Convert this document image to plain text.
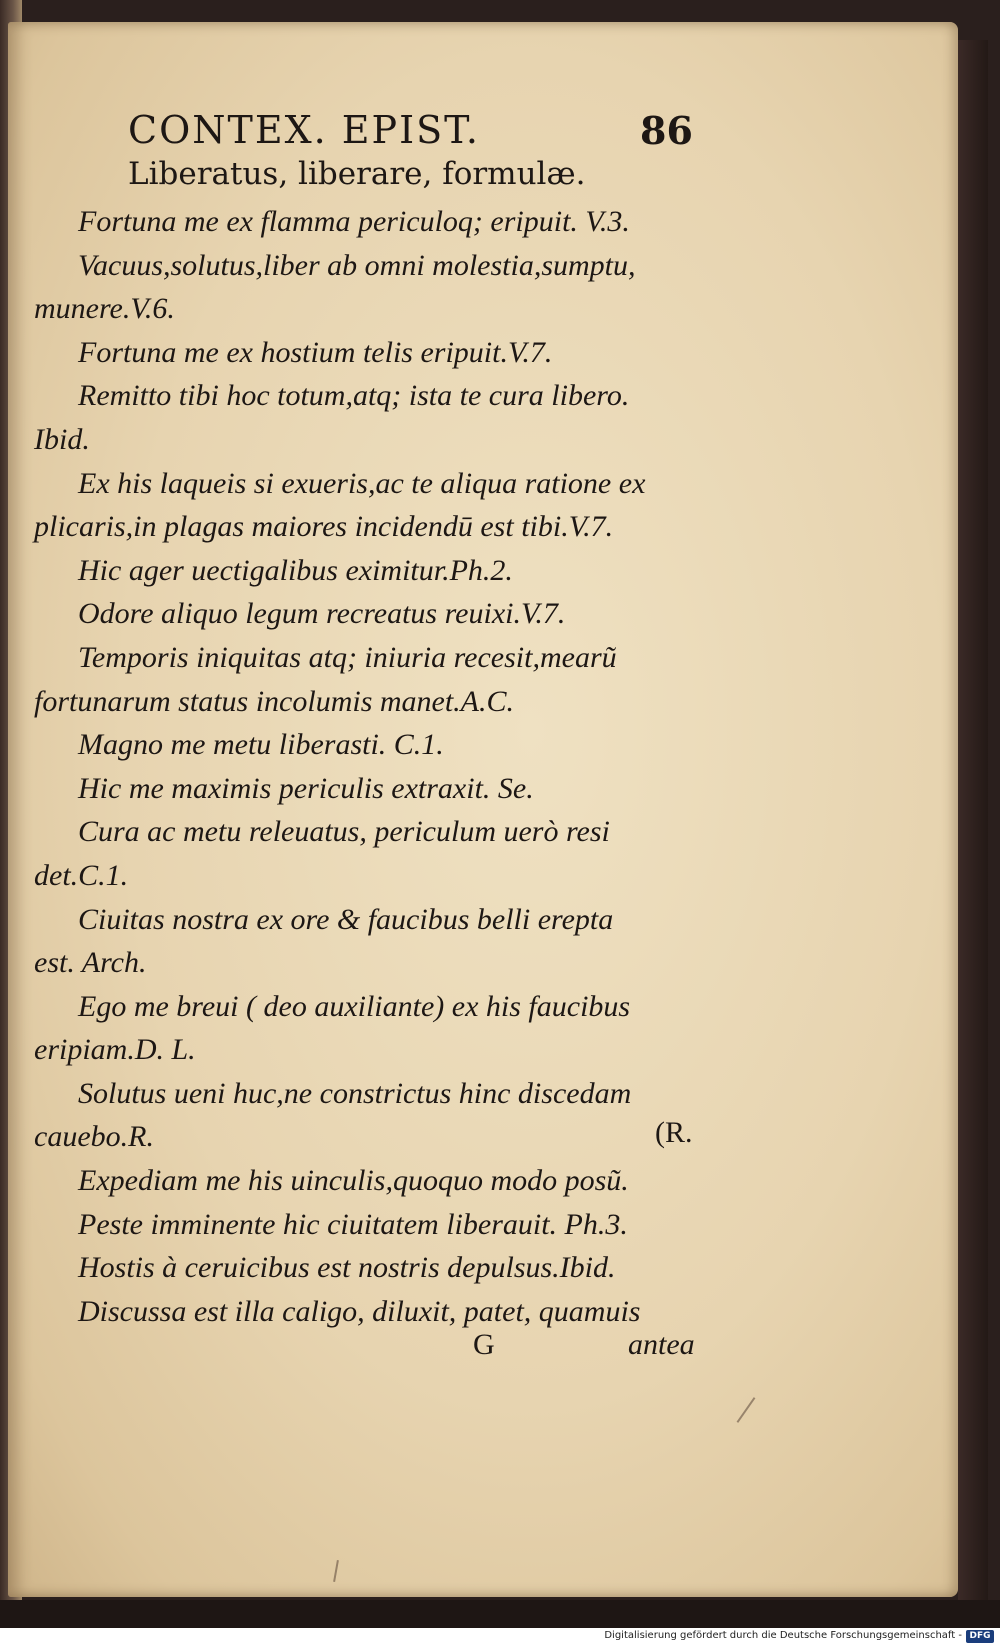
CONTEX. EPIST.	86
Liberatus, liberare, formulæ.
Fortuna me ex flamma periculoq; eripuit. V.3.
Vacuus,solutus,liber ab omni molestia,sumptu,
munere.V.6.
Fortuna me ex hostium telis eripuit.V.7.
Remitto tibi hoc totum,atq; ista te cura libero.
Ibid.
Ex his laqueis si exueris,ac te aliqua ratione ex
plicaris,in plagas maiores incidendū est tibi.V.7.
Hic ager uectigalibus eximitur.Ph.2.
Odore aliquo legum recreatus reuixi.V.7.
Temporis iniquitas atq; iniuria recesit,mearũ
fortunarum status incolumis manet.A.C.
Magno me metu liberasti. C.1.
Hic me maximis periculis extraxit. Se.
Cura ac metu releuatus, periculum uerò resi
det.C.1.
Ciuitas nostra ex ore & faucibus belli erepta
est. Arch.
Ego me breui ( deo auxiliante) ex his faucibus
eripiam.D. L.
Solutus ueni huc,ne constrictus hinc discedam
cauebo.R.
Expediam me his uinculis,quoquo modo posũ.
Peste imminente hic ciuitatem liberauit. Ph.3.
Hostis à ceruicibus est nostris depulsus.Ibid.
Discussa est illa caligo, diluxit, patet, quamuis
(R.
G	antea
Digitalisierung gefördert durch die Deutsche Forschungsgemeinschaft - DFG
